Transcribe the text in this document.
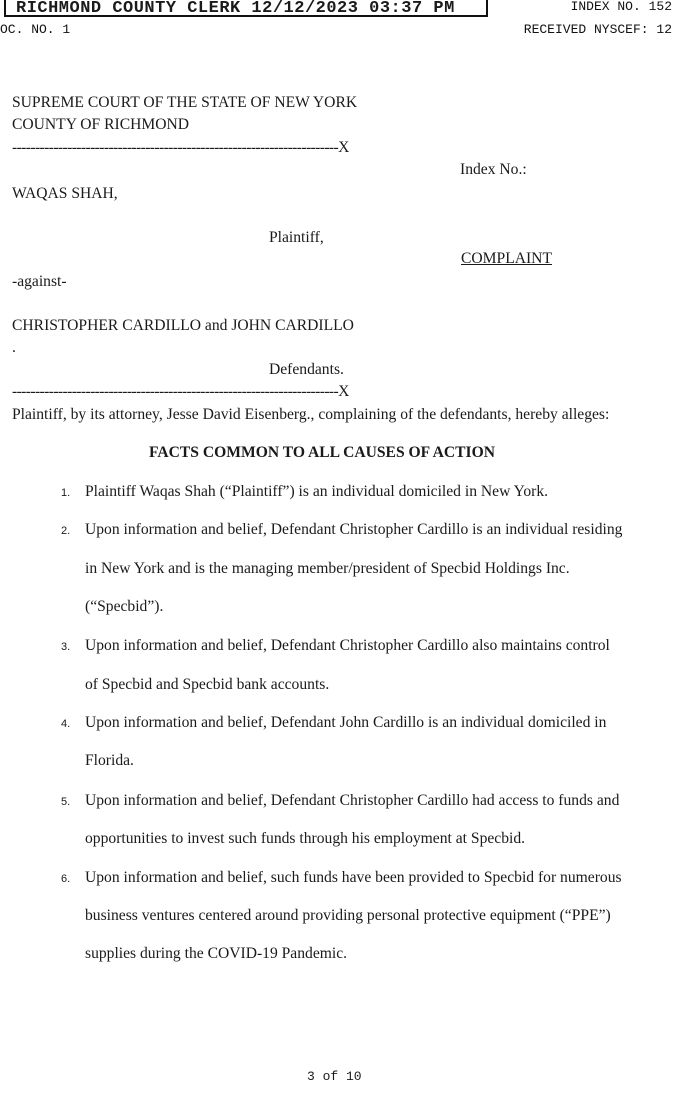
RICHMOND COUNTY CLERK 12/12/2023 03:37 PM	INDEX NO. 152
OC. NO. 1	RECEIVED NYSCEF: 12
SUPREME COURT OF THE STATE OF NEW YORK
COUNTY OF RICHMOND
-----------------------------------------------------------------------X
Index No.:
WAQAS SHAH,
Plaintiff,
COMPLAINT
-against-
CHRISTOPHER CARDILLO and JOHN CARDILLO
.
Defendants.
-----------------------------------------------------------------------X
Plaintiff, by its attorney, Jesse David Eisenberg., complaining of the defendants, hereby alleges:
FACTS COMMON TO ALL CAUSES OF ACTION
1. Plaintiff Waqas Shah (“Plaintiff”) is an individual domiciled in New York.
2. Upon information and belief, Defendant Christopher Cardillo is an individual residing
in New York and is the managing member/president of Specbid Holdings Inc.
(“Specbid”).
3. Upon information and belief, Defendant Christopher Cardillo also maintains control
of Specbid and Specbid bank accounts.
4. Upon information and belief, Defendant John Cardillo is an individual domiciled in
Florida.
5. Upon information and belief, Defendant Christopher Cardillo had access to funds and
opportunities to invest such funds through his employment at Specbid.
6. Upon information and belief, such funds have been provided to Specbid for numerous
business ventures centered around providing personal protective equipment (“PPE”)
supplies during the COVID-19 Pandemic.
3 of 10
